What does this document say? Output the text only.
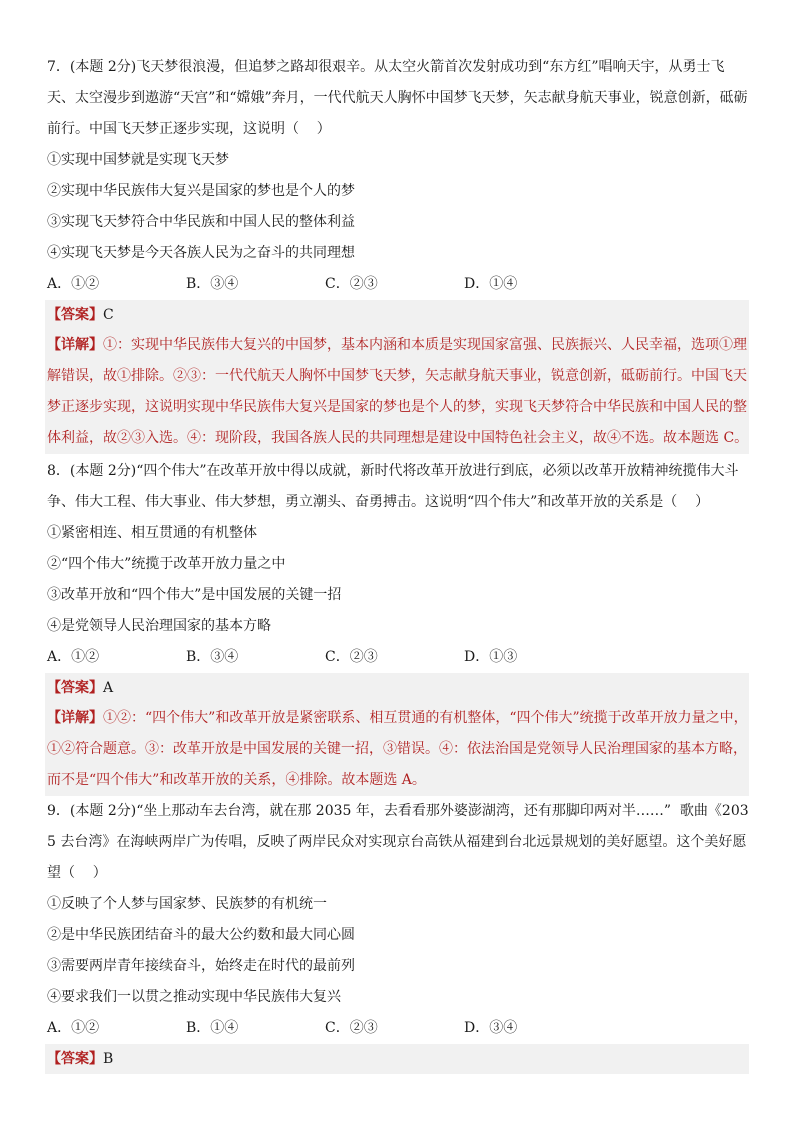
7．(本题 2分)飞天梦很浪漫，但追梦之路却很艰辛。从太空火箭首次发射成功到“东方红”唱响天宇，从勇士飞天、太空漫步到遨游“天宫”和“嫦娥”奔月，一代代航天人胸怀中国梦飞天梦，矢志献身航天事业，锐意创新，砥砺前行。中国飞天梦正逐步实现，这说明（    ）

①实现中国梦就是实现飞天梦

②实现中华民族伟大复兴是国家的梦也是个人的梦

③实现飞天梦符合中华民族和中国人民的整体利益

④实现飞天梦是今天各族人民为之奋斗的共同理想

A．①②	B．③④	C．②③	D．①④
【答案】C

【详解】①：实现中华民族伟大复兴的中国梦，基本内涵和本质是实现国家富强、民族振兴、人民幸福，选项①理解错误，故①排除。②③：一代代航天人胸怀中国梦飞天梦，矢志献身航天事业，锐意创新，砥砺前行。中国飞天梦正逐步实现，这说明实现中华民族伟大复兴是国家的梦也是个人的梦，实现飞天梦符合中华民族和中国人民的整体利益，故②③入选。④：现阶段，我国各族人民的共同理想是建设中国特色社会主义，故④不选。故本题选 C。

8．(本题 2分)“四个伟大”在改革开放中得以成就，新时代将改革开放进行到底，必须以改革开放精神统揽伟大斗争、伟大工程、伟大事业、伟大梦想，勇立潮头、奋勇搏击。这说明“四个伟大”和改革开放的关系是（    ）

①紧密相连、相互贯通的有机整体

②“四个伟大”统揽于改革开放力量之中

③改革开放和“四个伟大”是中国发展的关键一招

④是党领导人民治理国家的基本方略

A．①②	B．③④	C．②③	D．①③
【答案】A

【详解】①②：“四个伟大”和改革开放是紧密联系、相互贯通的有机整体，“四个伟大”统揽于改革开放力量之中，①②符合题意。③：改革开放是中国发展的关键一招，③错误。④：依法治国是党领导人民治理国家的基本方略，而不是“四个伟大”和改革开放的关系，④排除。故本题选 A。

9．(本题 2分)“坐上那动车去台湾，就在那 2035 年，去看看那外婆澎湖湾，还有那脚印两对半……”  歌曲《2035 去台湾》在海峡两岸广为传唱，反映了两岸民众对实现京台高铁从福建到台北远景规划的美好愿望。这个美好愿望（    ）

①反映了个人梦与国家梦、民族梦的有机统一

②是中华民族团结奋斗的最大公约数和最大同心圆

③需要两岸青年接续奋斗，始终走在时代的最前列

④要求我们一以贯之推动实现中华民族伟大复兴

A．①②	B．①④	C．②③	D．③④
【答案】B
